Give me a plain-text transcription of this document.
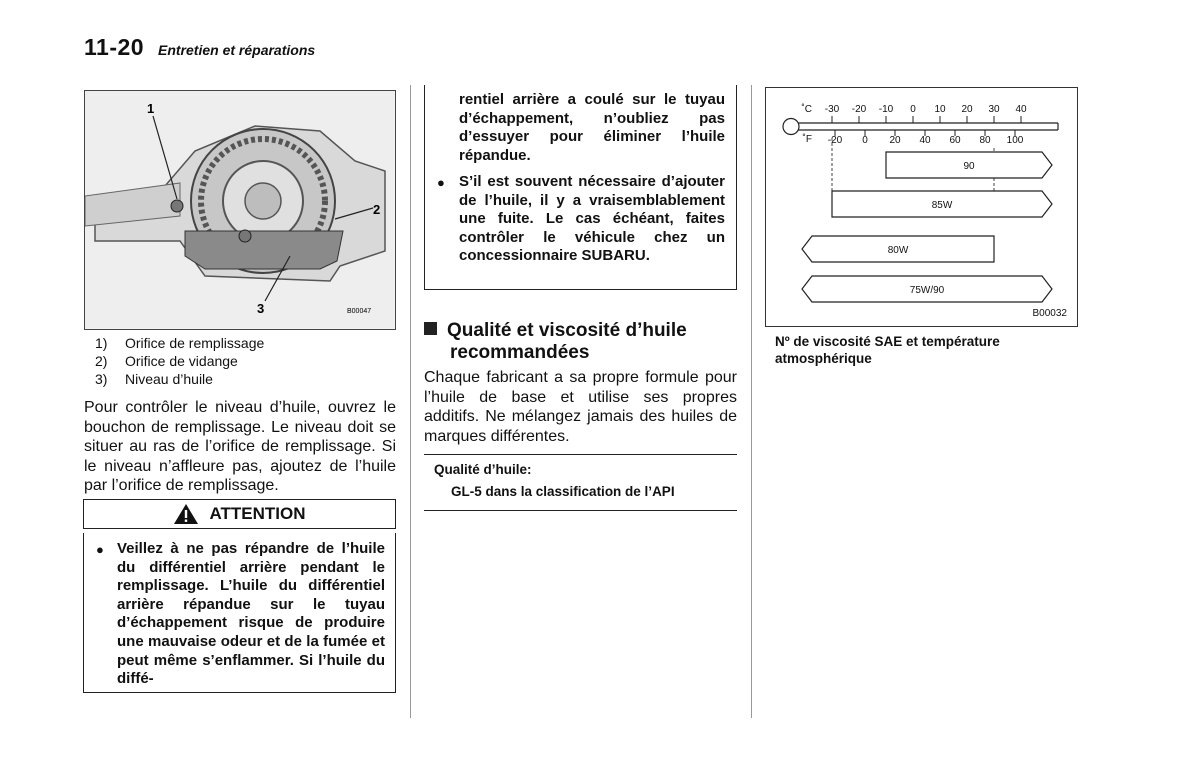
11-20 Entretien et réparations
1
2
3	B00047
1) Orifice de remplissage
2) Orifice de vidange
3) Niveau d’huile
Pour contrôler le niveau d’huile, ouvrez le bouchon de remplissage. Le niveau doit se situer au ras de l’orifice de remplissage. Si le niveau n’affleure pas, ajoutez de l’huile par l’orifice de remplissage.
ATTENTION
● Veillez à ne pas répandre de l’huile du différentiel arrière pendant le remplissage. L’huile du différentiel arrière répandue sur le tuyau d’échappement risque de produire une mauvaise odeur et de la fumée et peut même s’enflammer. Si l’huile du diffé-
rentiel arrière a coulé sur le tuyau d’échappement, n’oubliez pas d’essuyer pour éliminer l’huile répandue.
● S’il est souvent nécessaire d’ajouter de l’huile, il y a vraisemblablement une fuite. Le cas échéant, faites contrôler le véhicule chez un concessionnaire SUBARU.
Qualité et viscosité d’huile
recommandées
Chaque fabricant a sa propre formule pour l’huile de base et utilise ses propres additifs. Ne mélangez jamais des huiles de marques différentes.
Qualité d’huile:
GL-5 dans la classification de l’API
˚C
˚F
-30 -20 -10 0 10 20 30 40
-20 0 20 40 60 80 100
90
85W
80W
75W/90
B00032
Nº de viscosité SAE et température atmosphérique
